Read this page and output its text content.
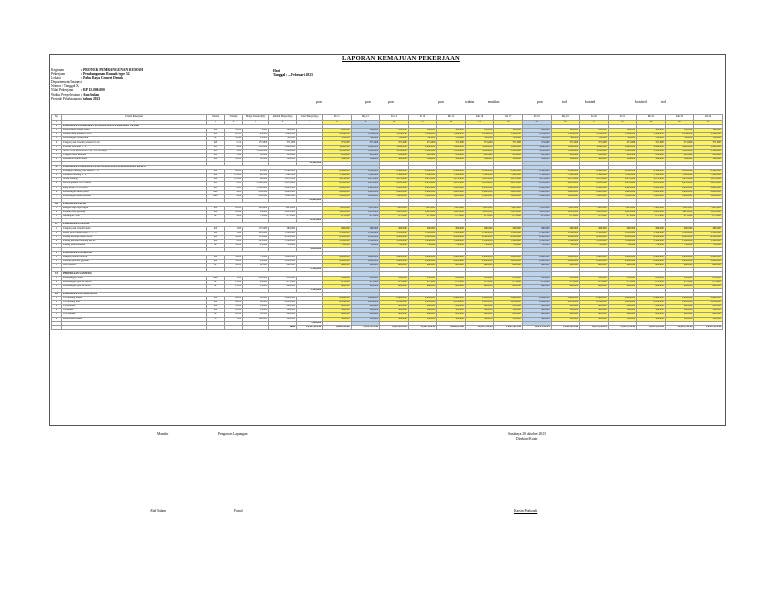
LAPORAN KEMAJUAN PEKERJAAN
Kegiatan	: PROYEK PEMBANGUNAN RUMAH
Pekerjaan	: Pembangunan Rumah type 32
Lokasi	: Pabu Raya Cemeri Denok
Departement/Instansi
Nomor / Tanggal K
Nilai Pekerjaan	: RP 15.000.000
Waktu Penyelesaian : Aun bulan
Periode Pelaksanaan : tahun 2023
Hari
Tanggal : ...Februari 2023
pon	pon	pon	pon	wakin	muslim	pon	trol	konted	kontred	trol
No	Uraian Pekerjaan	Satuan	Volume	Harga Satuan (Rp)	Jumlah Harga (Rp)	Total Harga (Rp)	Sb 11	Mg 12	Sn 13	Sl 14	Rb 15	Km 16	Jm 17	Sb 18	Mg 19	Sn 20	Sl 21	Rb 22	Km 23	Jm 24
1	2	3	4	5	6	7	8	9	10	11	12	13	14	15	16	17	18	19	20	21
I	PEKERJAAN PERSIAPAN PONDASI DAN PEKERJAAN TANAH																			
1	Pembersihan lokasi tanah	m2	32.00	5,000	160,000		160,000	160,000	160,000	160,000	160,000	160,000	160,000	160,000	160,000	160,000	160,000	160,000	160,000	160,000
2	Galian tanah pondasi 0.8 m	m3	26.33	45,000	1,184,850		1,184,850	1,184,850	1,184,850	1,184,850	1,184,850	1,184,850	1,184,850	1,184,850	1,184,850	1,184,850	1,184,850	1,184,850	1,184,850	1,184,850
3	Pemasangan bouwplank	m'	30.40	25,000	760,000		760,000	760,000	760,000	760,000	760,000	760,000	760,000	760,000	760,000	760,000	760,000	760,000	760,000	760,000
4	Urugan pasir bawah pondasi 10 cm	m3	2.12	175,000	371,000		371,000	371,000	371,000	371,000	371,000	371,000	371,000	371,000	371,000	371,000	371,000	371,000	371,000	371,000
5	Pondasi batu kali 1 : 4	m3	4.20	950,000	3,990,000		3,990,000	3,990,000	3,990,000	3,990,000	3,990,000	3,990,000	3,990,000	3,990,000	3,990,000	3,990,000	3,990,000	3,990,000	3,990,000	3,990,000
6	Sloof 15/20 beton K-225 10 - 16 500 Mpa	m3	1.60	3,200,000	5,120,000		5,120,000	5,120,000	5,120,000	5,120,000	5,120,000	5,120,000	5,120,000	5,120,000	5,120,000	5,120,000	5,120,000	5,120,000	5,120,000	5,120,000
7	Urugan tanah kembali	m3	5.80	38,000	220,400		220,400	220,400	220,400	220,400	220,400	220,400	220,400	220,400	220,400	220,400	220,400	220,400	220,400	220,400
8	Pemadatan tanah lantai	m2	32.00	12,000	384,000		384,000	384,000	384,000	384,000	384,000	384,000	384,000	384,000	384,000	384,000	384,000	384,000	384,000	384,000
						12,189,850														
II	PEKERJAAN PASANGAN, PLESTERAN DAN PEMASANGAN KUSEN																			
1	Pasangan dinding bata merah 1 : 4	m2	88.00	95,000	8,360,000		8,360,000	8,360,000	8,360,000	8,360,000	8,360,000	8,360,000	8,360,000	8,360,000	8,360,000	8,360,000	8,360,000	8,360,000	8,360,000	8,360,000
2	Plesteran dinding 1 : 4	m2	176.00	42,000	7,392,000		7,392,000	7,392,000	7,392,000	7,392,000	7,392,000	7,392,000	7,392,000	7,392,000	7,392,000	7,392,000	7,392,000	7,392,000	7,392,000	7,392,000
3	Acian dinding	m2	176.00	22,000	3,872,000		3,872,000	3,872,000	3,872,000	3,872,000	3,872,000	3,872,000	3,872,000	3,872,000	3,872,000	3,872,000	3,872,000	3,872,000	3,872,000	3,872,000
4	Kolom praktis 13/13 beton	m3	0.85	3,100,000	2,635,000		2,635,000	2,635,000	2,635,000	2,635,000	2,635,000	2,635,000	2,635,000	2,635,000	2,635,000	2,635,000	2,635,000	2,635,000	2,635,000	2,635,000
5	Ring balok 13/15 beton	m3	0.95	3,100,000	2,945,000		2,945,000	2,945,000	2,945,000	2,945,000	2,945,000	2,945,000	2,945,000	2,945,000	2,945,000	2,945,000	2,945,000	2,945,000	2,945,000	2,945,000
6	Pemasangan kusen pintu	unit	4.00	650,000	2,600,000		2,600,000	2,600,000	2,600,000	2,600,000	2,600,000	2,600,000	2,600,000	2,600,000	2,600,000	2,600,000	2,600,000	2,600,000	2,600,000	2,600,000
7	Pemasangan kusen jendela	unit	4.00	450,000	1,800,000		1,800,000	1,800,000	1,800,000	1,800,000	1,800,000	1,800,000	1,800,000	1,800,000	1,800,000	1,800,000	1,800,000	1,800,000	1,800,000	1,800,000
						29,604,000														
III	PEKERJAAN ATAP																			
1	Rangka atap baja ringan	m2	45.00	165,000	7,425,000		7,425,000	7,425,000	7,425,000	7,425,000	7,425,000	7,425,000	7,425,000	7,425,000	7,425,000	7,425,000	7,425,000	7,425,000	7,425,000	7,425,000
2	Penutup atap genteng	m2	45.00	85,000	3,825,000		3,825,000	3,825,000	3,825,000	3,825,000	3,825,000	3,825,000	3,825,000	3,825,000	3,825,000	3,825,000	3,825,000	3,825,000	3,825,000	3,825,000
3	Bubungan / nok	m'	9.00	75,000	675,000		675,000	675,000	675,000	675,000	675,000	675,000	675,000	675,000	675,000	675,000	675,000	675,000	675,000	675,000
						11,925,000														
IV	PEKERJAAN LANTAI																			
1	Urugan pasir bawah lantai	m3	1.60	175,000	280,000		280,000	280,000	280,000	280,000	280,000	280,000	280,000	280,000	280,000	280,000	280,000	280,000	280,000	280,000
2	Rabat beton lantai kerja 1 : 3 : 5	m3	1.60	950,000	1,520,000		1,520,000	1,520,000	1,520,000	1,520,000	1,520,000	1,520,000	1,520,000	1,520,000	1,520,000	1,520,000	1,520,000	1,520,000	1,520,000	1,520,000
3	Pasang keramik lantai 40/40	m2	32.00	135,000	4,320,000		4,320,000	4,320,000	4,320,000	4,320,000	4,320,000	4,320,000	4,320,000	4,320,000	4,320,000	4,320,000	4,320,000	4,320,000	4,320,000	4,320,000
4	Pasang keramik dinding km/wc	m2	8.00	145,000	1,160,000		1,160,000	1,160,000	1,160,000	1,160,000	1,160,000	1,160,000	1,160,000	1,160,000	1,160,000	1,160,000	1,160,000	1,160,000	1,160,000	1,160,000
5	Pasang plint keramik	m'	30.00	25,000	750,000		750,000	750,000	750,000	750,000	750,000	750,000	750,000	750,000	750,000	750,000	750,000	750,000	750,000	750,000
						8,030,000														
V	PEKERJAAN PLAFOND																			
1	Rangka plafond hollow	m2	32.00	75,000	2,400,000		2,400,000	2,400,000	2,400,000	2,400,000	2,400,000	2,400,000	2,400,000	2,400,000	2,400,000	2,400,000	2,400,000	2,400,000	2,400,000	2,400,000
2	Penutup plafond gypsum	m2	32.00	65,000	2,080,000		2,080,000	2,080,000	2,080,000	2,080,000	2,080,000	2,080,000	2,080,000	2,080,000	2,080,000	2,080,000	2,080,000	2,080,000	2,080,000	2,080,000
3	List plafond	m'	30.00	22,000	660,000		660,000	660,000	660,000	660,000	660,000	660,000	660,000	660,000	660,000	660,000	660,000	660,000	660,000	660,000
						5,140,000														
VI	PEKERJAAN SANITASI																			
1	Pemasangan closet	unit	1.00	850,000	850,000		850,000	850,000	850,000	850,000	850,000	850,000	850,000	850,000	850,000	850,000	850,000	850,000	850,000	850,000
2	Pemasangan pipa air bersih	m'	15.00	45,000	675,000		675,000	675,000	675,000	675,000	675,000	675,000	675,000	675,000	675,000	675,000	675,000	675,000	675,000	675,000
3	Pemasangan pipa air kotor	m'	12.00	55,000	660,000		660,000	660,000	660,000	660,000	660,000	660,000	660,000	660,000	660,000	660,000	660,000	660,000	660,000	660,000
						2,185,000														
VII	PEKERJAAN PENGECATAN																			
1	Cat dinding dalam	m2	88.00	28,000	2,464,000		2,464,000	2,464,000	2,464,000	2,464,000	2,464,000	2,464,000	2,464,000	2,464,000	2,464,000	2,464,000	2,464,000	2,464,000	2,464,000	2,464,000
2	Cat dinding luar	m2	88.00	32,000	2,816,000		2,816,000	2,816,000	2,816,000	2,816,000	2,816,000	2,816,000	2,816,000	2,816,000	2,816,000	2,816,000	2,816,000	2,816,000	2,816,000	2,816,000
3	Cat plafond	m2	32.00	25,000	800,000		800,000	800,000	800,000	800,000	800,000	800,000	800,000	800,000	800,000	800,000	800,000	800,000	800,000	800,000
4	Cat kusen	m2	16.00	35,000	560,000		560,000	560,000	560,000	560,000	560,000	560,000	560,000	560,000	560,000	560,000	560,000	560,000	560,000	560,000
5	Cat lisplank	m'	20.00	30,000	600,000		600,000	600,000	600,000	600,000	600,000	600,000	600,000	600,000	600,000	600,000	600,000	600,000	600,000	600,000
6	Pembersihan akhir	ls	1.00	300,000	300,000		300,000	300,000	300,000	300,000	300,000	300,000	300,000	300,000	300,000	300,000	300,000	300,000	300,000	300,000
						7,540,000														
					Total	15,347,214.44	2,000,314.00	15,917,214.44	15,907,814.44	15,907,814.44	2,000,314.00	15,937,214.44	15,907,814.44	15,937,214.44	15,907,814.44	15,937,214.44	15,937,214.44	14,437,214.44	14,437,214.44	14,437,214.44
Mandor	Pengawas Lapangan	Surabaya 28 oktober 2023
Direktur/Kontr
Abd Salam	Faisal	Karsin Prakoadi
